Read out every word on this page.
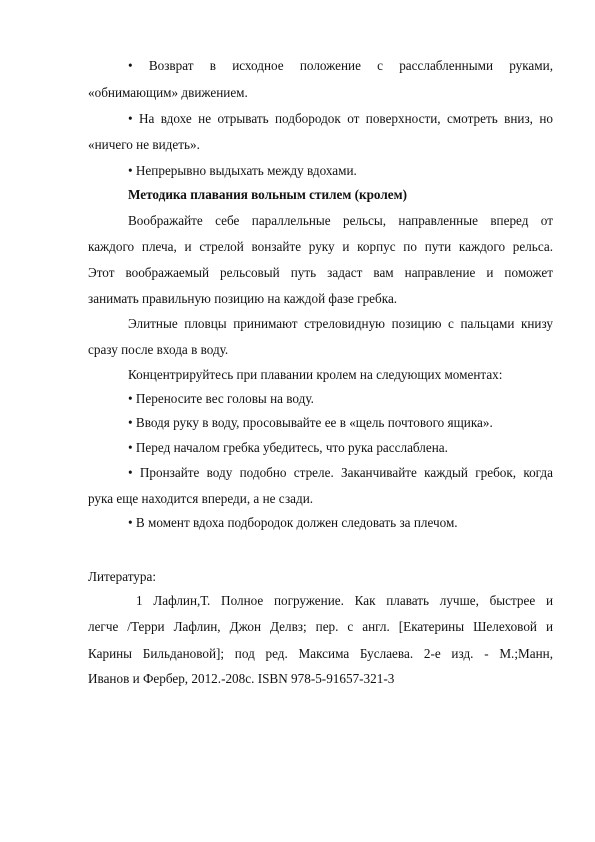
• Возврат в исходное положение с расслабленными руками,
«обнимающим» движением.
• На вдохе не отрывать подбородок от поверхности, смотреть вниз, но
«ничего не видеть».
• Непрерывно выдыхать между вдохами.
Методика плавания вольным стилем (кролем)
Воображайте себе параллельные рельсы, направленные вперед от
каждого плеча, и стрелой вонзайте руку и корпус по пути каждого рельса.
Этот воображаемый рельсовый путь задаст вам направление и поможет
занимать правильную позицию на каждой фазе гребка.
Элитные пловцы принимают стреловидную позицию с пальцами книзу
сразу после входа в воду.
Концентрируйтесь при плавании кролем на следующих моментах:
• Переносите вес головы на воду.
• Вводя руку в воду, просовывайте ее в «щель почтового ящика».
• Перед началом гребка убедитесь, что рука расслаблена.
• Пронзайте воду подобно стреле. Заканчивайте каждый гребок, когда
рука еще находится впереди, а не сзади.
• В момент вдоха подбородок должен следовать за плечом.
Литература:
1 Лафлин,Т. Полное погружение. Как плавать лучше, быстрее и
легче /Терри Лафлин, Джон Делвз; пер. с англ. [Екатерины Шелеховой и
Карины Бильдановой]; под ред. Максима Буслаева. 2-е изд. - М.;Манн,
Иванов и Фербер, 2012.-208с. ISBN 978-5-91657-321-3
